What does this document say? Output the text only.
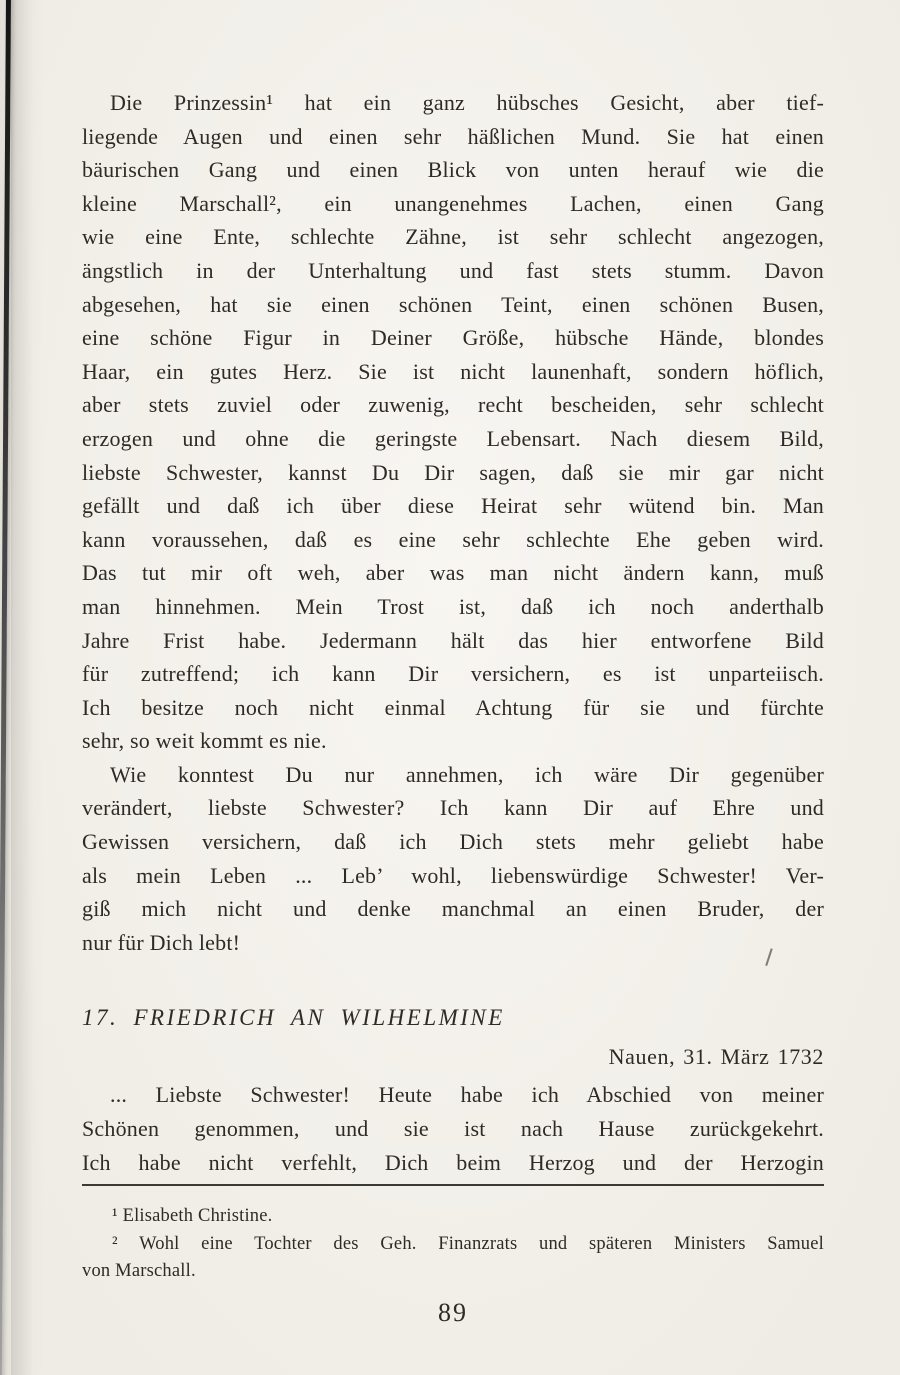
Die Prinzessin¹ hat ein ganz hübsches Gesicht, aber tief-
liegende Augen und einen sehr häßlichen Mund. Sie hat einen
bäurischen Gang und einen Blick von unten herauf wie die
kleine Marschall², ein unangenehmes Lachen, einen Gang
wie eine Ente, schlechte Zähne, ist sehr schlecht angezogen,
ängstlich in der Unterhaltung und fast stets stumm. Davon
abgesehen, hat sie einen schönen Teint, einen schönen Busen,
eine schöne Figur in Deiner Größe, hübsche Hände, blondes
Haar, ein gutes Herz. Sie ist nicht launenhaft, sondern höflich,
aber stets zuviel oder zuwenig, recht bescheiden, sehr schlecht
erzogen und ohne die geringste Lebensart. Nach diesem Bild,
liebste Schwester, kannst Du Dir sagen, daß sie mir gar nicht
gefällt und daß ich über diese Heirat sehr wütend bin. Man
kann voraussehen, daß es eine sehr schlechte Ehe geben wird.
Das tut mir oft weh, aber was man nicht ändern kann, muß
man hinnehmen. Mein Trost ist, daß ich noch anderthalb
Jahre Frist habe. Jedermann hält das hier entworfene Bild
für zutreffend; ich kann Dir versichern, es ist unparteiisch.
Ich besitze noch nicht einmal Achtung für sie und fürchte
sehr, so weit kommt es nie.
Wie konntest Du nur annehmen, ich wäre Dir gegenüber
verändert, liebste Schwester? Ich kann Dir auf Ehre und
Gewissen versichern, daß ich Dich stets mehr geliebt habe
als mein Leben ... Leb’ wohl, liebenswürdige Schwester! Ver-
giß mich nicht und denke manchmal an einen Bruder, der
nur für Dich lebt!
17. FRIEDRICH AN WILHELMINE
Nauen, 31. März 1732
... Liebste Schwester! Heute habe ich Abschied von meiner
Schönen genommen, und sie ist nach Hause zurückgekehrt.
Ich habe nicht verfehlt, Dich beim Herzog und der Herzogin
¹ Elisabeth Christine.
² Wohl eine Tochter des Geh. Finanzrats und späteren Ministers Samuel
von Marschall.
89
